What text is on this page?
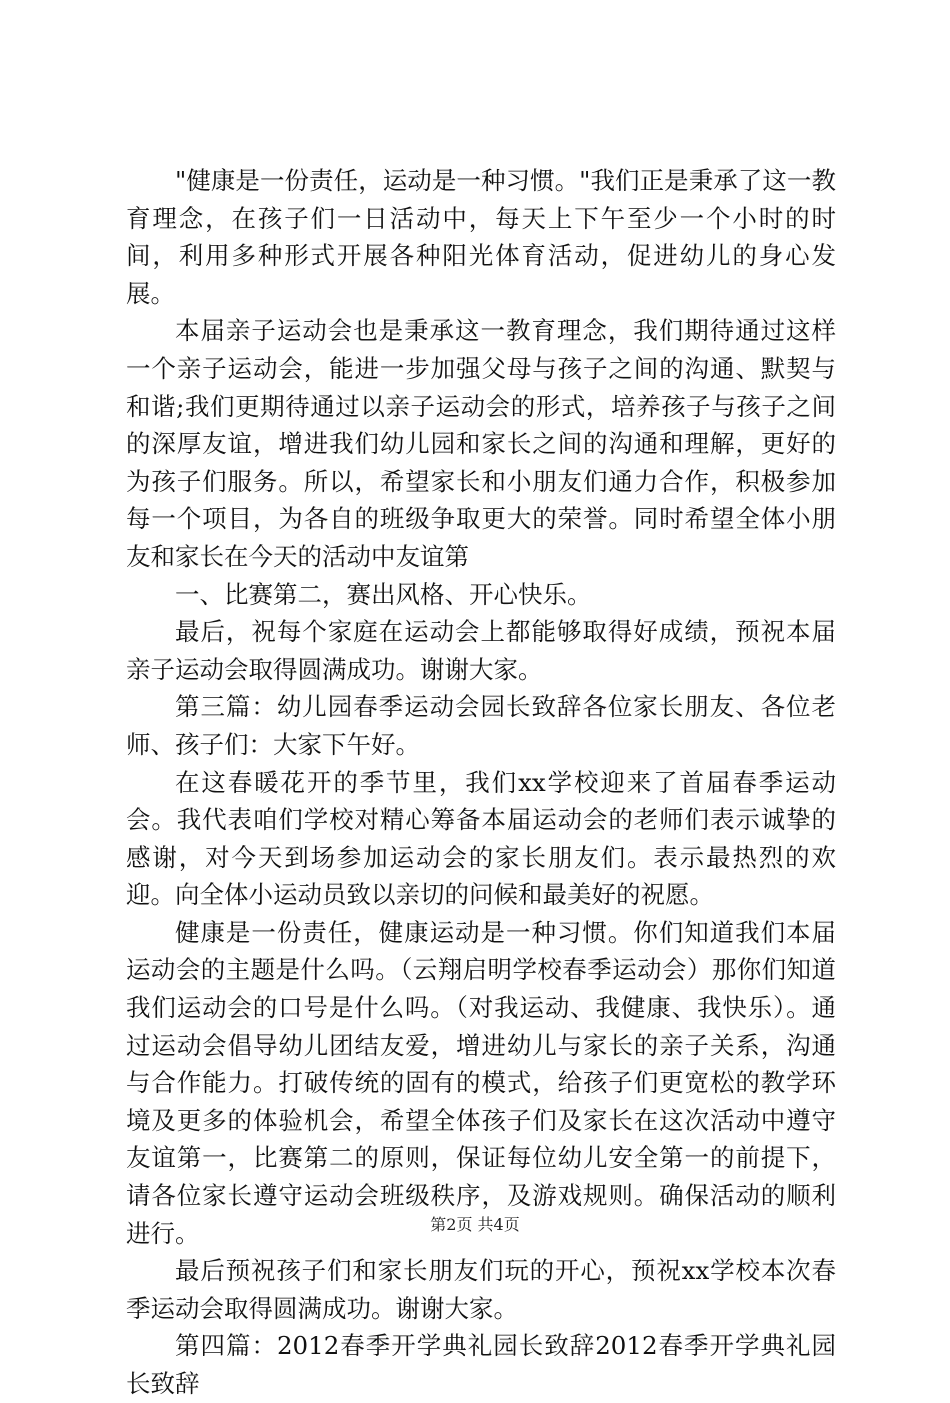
"健康是一份责任，运动是一种习惯。"我们正是秉承了这一教育理念，在孩子们一日活动中，每天上下午至少一个小时的时间，利用多种形式开展各种阳光体育活动，促进幼儿的身心发展。

本届亲子运动会也是秉承这一教育理念，我们期待通过这样一个亲子运动会，能进一步加强父母与孩子之间的沟通、默契与和谐;我们更期待通过以亲子运动会的形式，培养孩子与孩子之间的深厚友谊，增进我们幼儿园和家长之间的沟通和理解，更好的为孩子们服务。所以，希望家长和小朋友们通力合作，积极参加每一个项目，为各自的班级争取更大的荣誉。同时希望全体小朋友和家长在今天的活动中友谊第

一、比赛第二，赛出风格、开心快乐。

最后，祝每个家庭在运动会上都能够取得好成绩，预祝本届亲子运动会取得圆满成功。谢谢大家。

第三篇：幼儿园春季运动会园长致辞各位家长朋友、各位老师、孩子们：大家下午好。

在这春暖花开的季节里，我们xx学校迎来了首届春季运动会。我代表咱们学校对精心筹备本届运动会的老师们表示诚挚的感谢，对今天到场参加运动会的家长朋友们。表示最热烈的欢迎。向全体小运动员致以亲切的问候和最美好的祝愿。

健康是一份责任，健康运动是一种习惯。你们知道我们本届运动会的主题是什么吗。（云翔启明学校春季运动会）那你们知道我们运动会的口号是什么吗。（对我运动、我健康、我快乐）。通过运动会倡导幼儿团结友爱，增进幼儿与家长的亲子关系，沟通与合作能力。打破传统的固有的模式，给孩子们更宽松的教学环境及更多的体验机会，希望全体孩子们及家长在这次活动中遵守友谊第一，比赛第二的原则，保证每位幼儿安全第一的前提下，请各位家长遵守运动会班级秩序，及游戏规则。确保活动的顺利进行。

最后预祝孩子们和家长朋友们玩的开心，预祝xx学校本次春季运动会取得圆满成功。谢谢大家。

第四篇：2012春季开学典礼园长致辞2012春季开学典礼园长致辞

第2页 共4页
